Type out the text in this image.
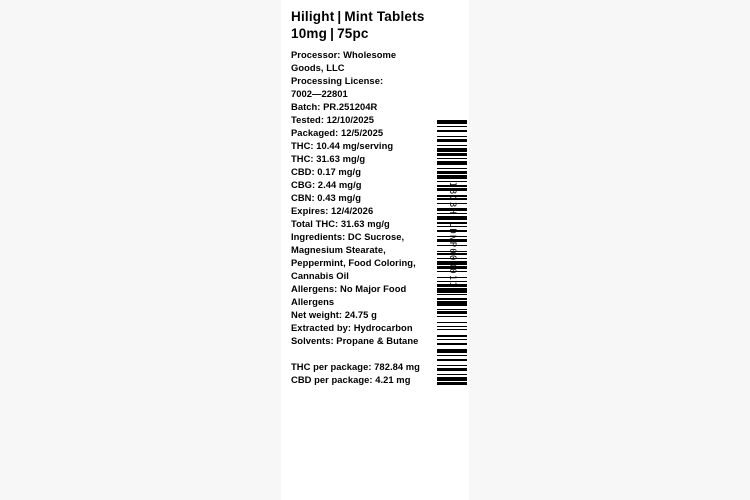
Hilight | Mint Tablets
10mg | 75pc
Processor: Wholesome
Goods, LLC
Processing License:
7002—22801
Batch: PR.251204R
Tested: 12/10/2025
Packaged: 12/5/2025
THC: 10.44 mg/serving
THC: 31.63 mg/g
CBD: 0.17 mg/g
CBG: 2.44 mg/g
CBN: 0.43 mg/g
Expires: 12/4/2026
Total THC: 31.63 mg/g
Ingredients: DC Sucrose,
Magnesium Stearate,
Peppermint, Food Coloring,
Cannabis Oil
Allergens: No Major Food
Allergens
Net weight: 24.75 g
Extracted by: Hydrocarbon
Solvents: Propane & Butane
THC per package: 782.84 mg
CBD per package: 4.21 mg
IBC3H1LDNP000011
